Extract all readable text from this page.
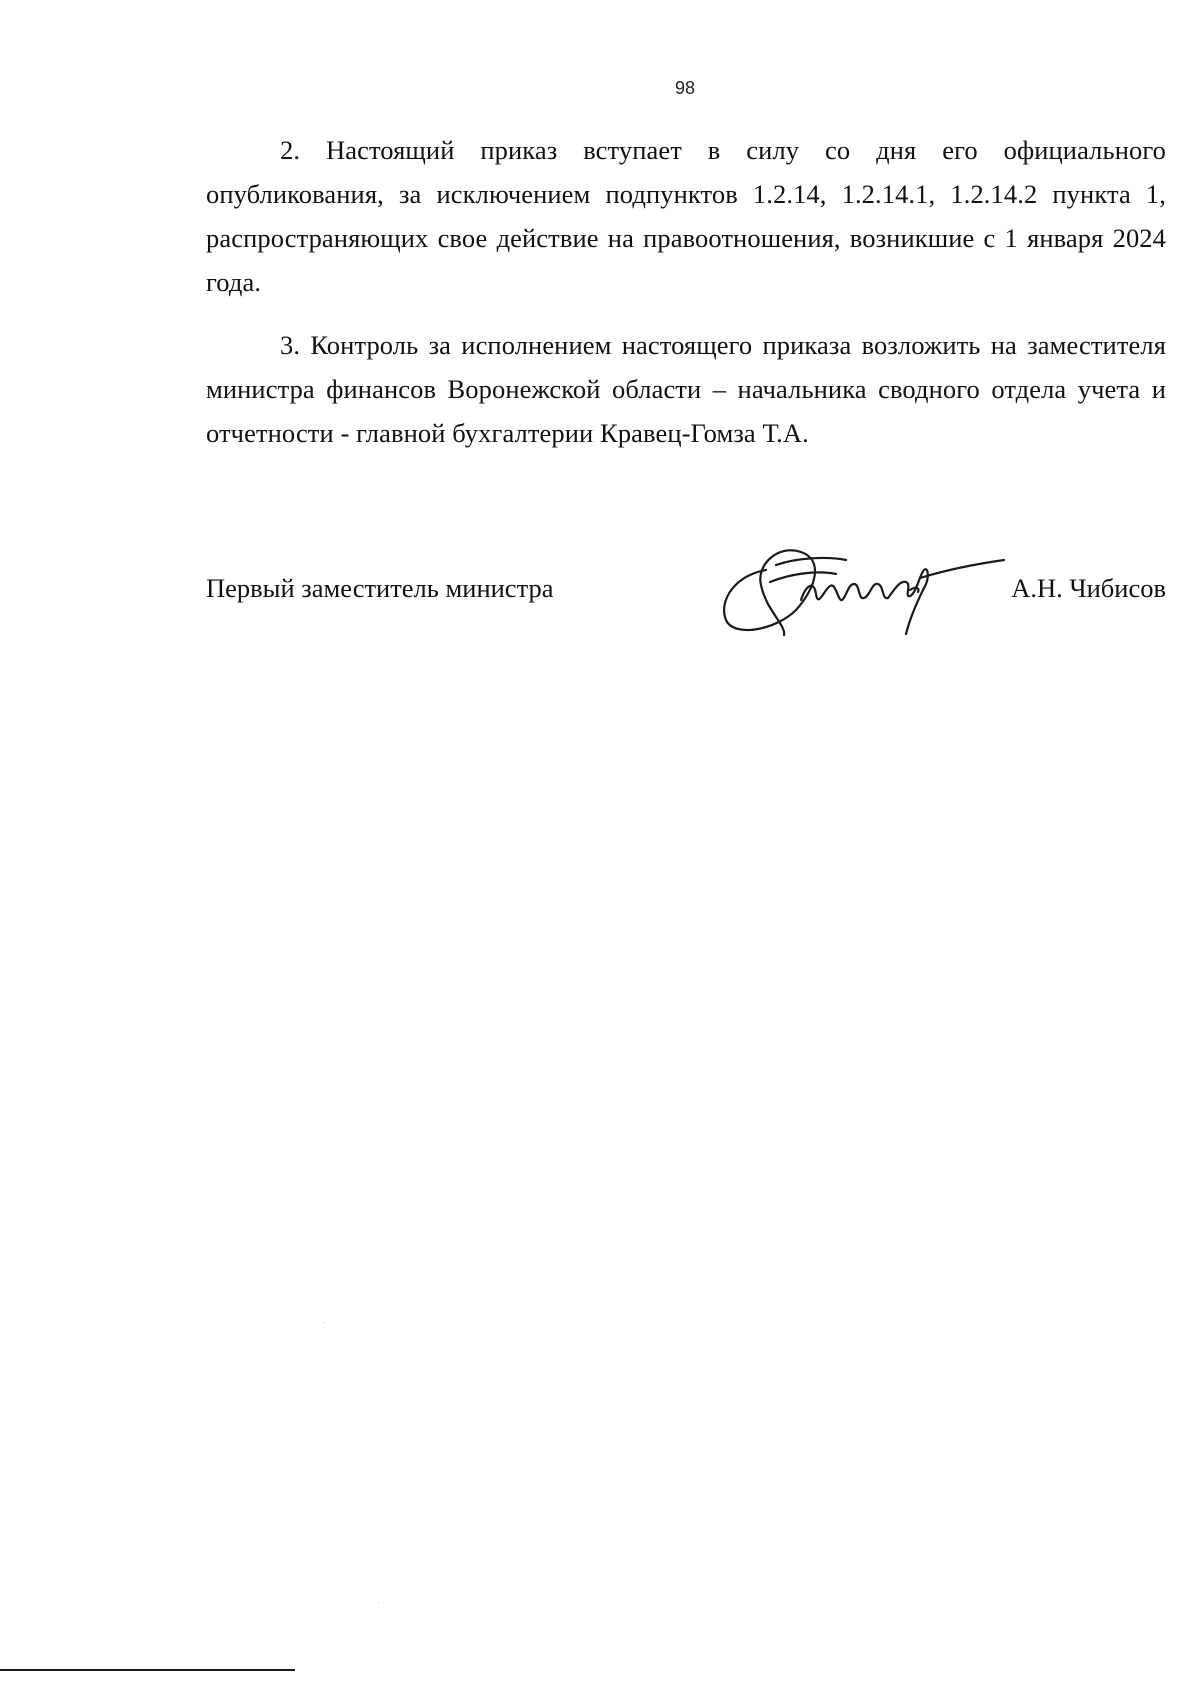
98

2. Настоящий приказ вступает в силу со дня его официального опубликования, за исключением подпунктов 1.2.14, 1.2.14.1, 1.2.14.2 пункта 1, распространяющих свое действие на правоотношения, возникшие с 1 января 2024 года.

3. Контроль за исполнением настоящего приказа возложить на заместителя министра финансов Воронежской области – начальника сводного отдела учета и отчетности - главной бухгалтерии Кравец-Гомза Т.А.

Первый заместитель министра	А.Н. Чибисов
